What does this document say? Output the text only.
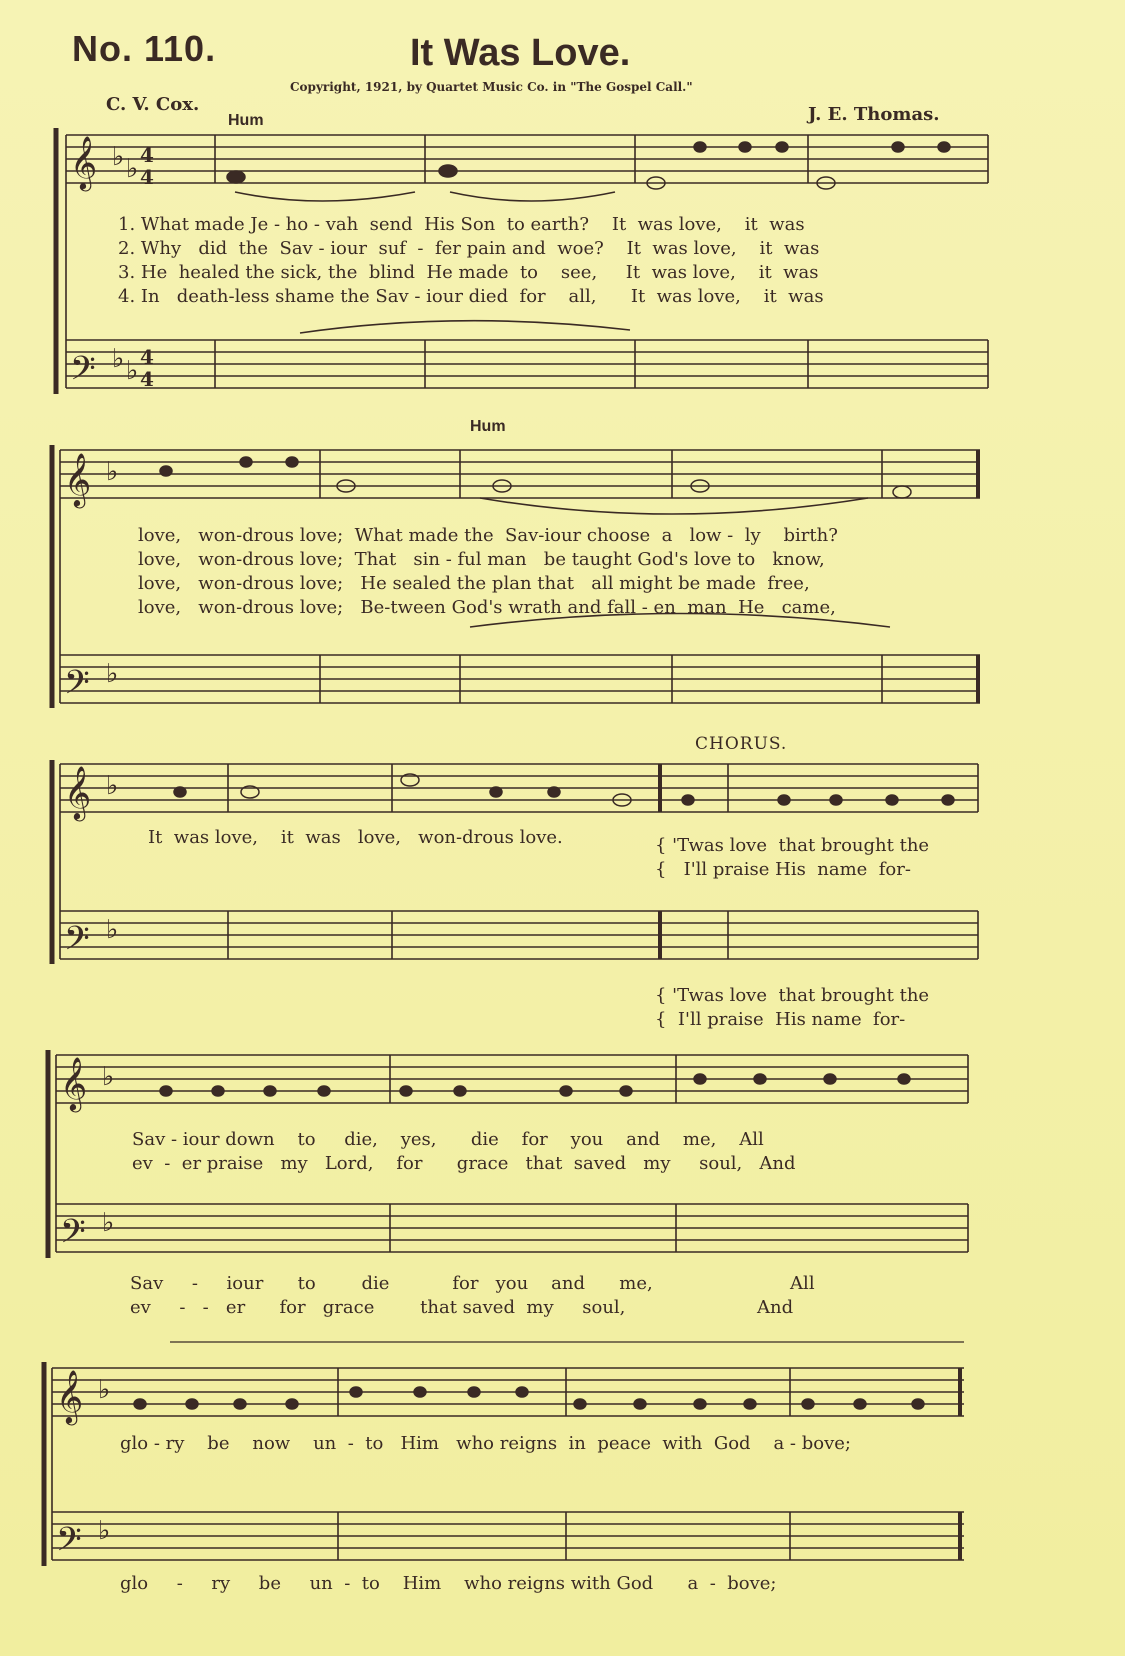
No. 110.	It Was Love.
Copyright, 1921, by Quartet Music Co. in "The Gospel Call."
C. V. Cox.	J. E. Thomas.
Hum
Hum
CHORUS.
𝄞
𝄢
𝄞
𝄢
𝄞
𝄢
𝄞
𝄢
𝄞
𝄢
♭ ♭
♭ ♭
♭
♭
♭
♭
♭
♭
♭
♭
4
4
4
4
1. What made Je - ho - vah  send  His Son  to earth?    It  was love,    it  was
2. Why   did  the  Sav - iour  suf  -  fer pain and  woe?    It  was love,    it  was
3. He  healed the sick, the  blind  He made  to    see,     It  was love,    it  was
4. In   death-less shame the Sav - iour died  for    all,      It  was love,    it  was
love,   won-drous love;  What made the  Sav-iour choose  a   low -  ly    birth?
love,   won-drous love;  That   sin - ful man   be taught God's love to   know,
love,   won-drous love;   He sealed the plan that   all might be made  free,
love,   won-drous love;   Be-tween God's wrath and fall - en  man  He   came,
It  was love,    it  was   love,   won-drous love.	{ 'Twas love  that brought the
{   I'll praise His  name  for-
{ 'Twas love  that brought the
{  I'll praise  His name  for-
Sav - iour down    to     die,    yes,      die    for    you    and    me,    All
ev  -  er praise   my   Lord,    for      grace   that  saved   my     soul,   And
Sav     -     iour      to        die           for   you    and      me,                        All
ev     -   -   er      for   grace        that saved  my     soul,                       And
glo - ry    be    now    un  -  to   Him   who reigns  in  peace  with  God    a - bove;
glo     -     ry     be     un  -  to    Him    who reigns with God      a  -  bove;
